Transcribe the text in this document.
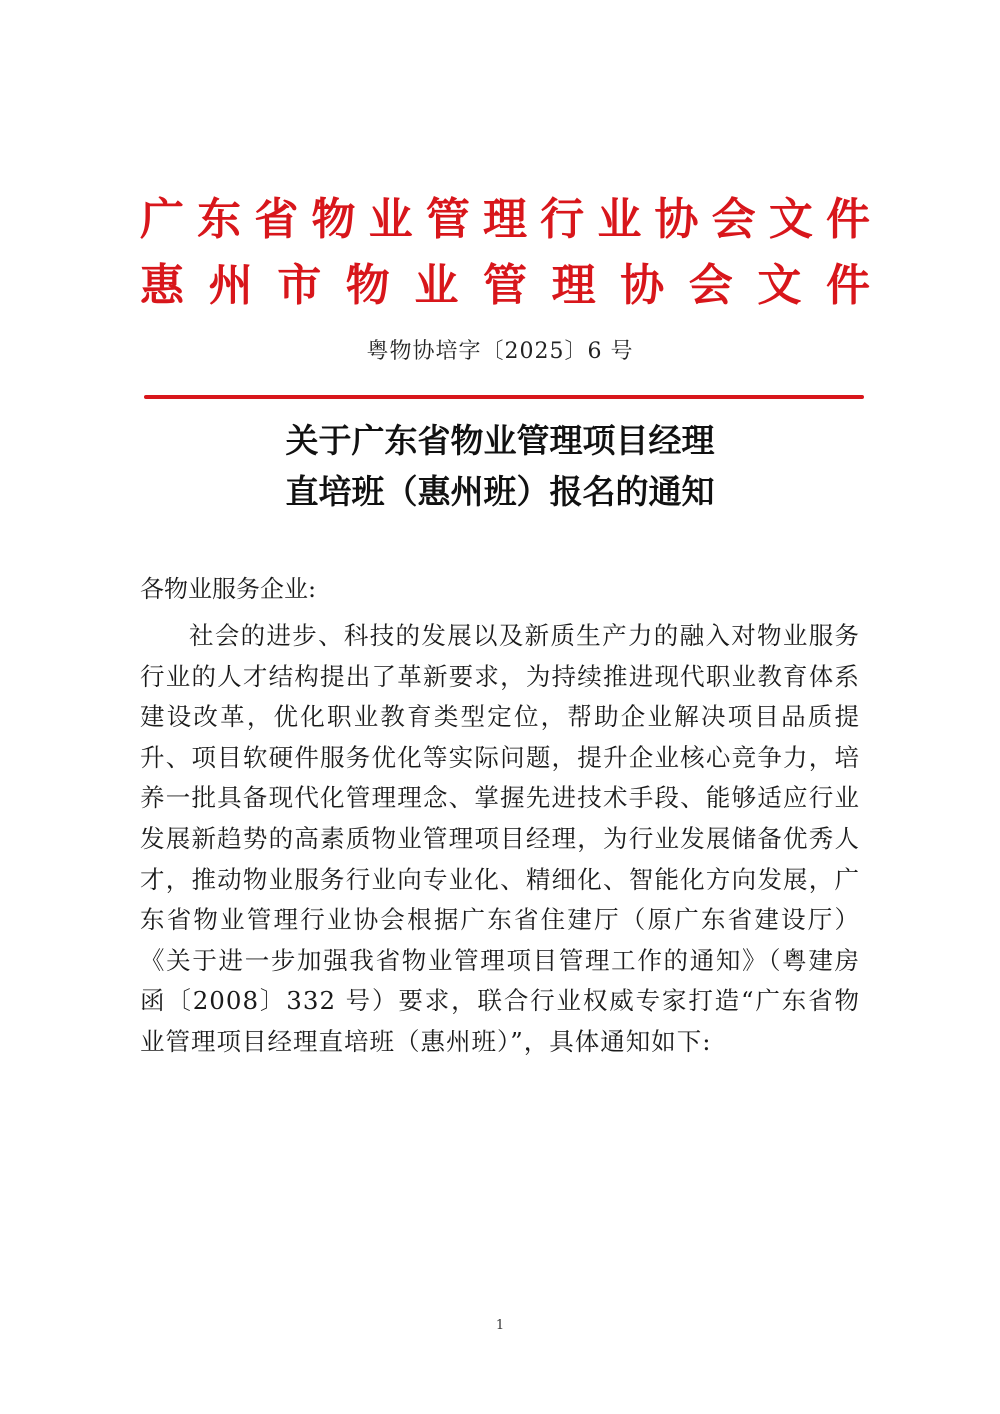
广东省物业管理行业协会文件
惠州市物业管理协会文件
粤物协培字〔2025〕6 号
关于广东省物业管理项目经理
直培班（惠州班）报名的通知
各物业服务企业:

社会的进步、科技的发展以及新质生产力的融入对物业服务行业的人才结构提出了革新要求，为持续推进现代职业教育体系建设改革，优化职业教育类型定位，帮助企业解决项目品质提升、项目软硬件服务优化等实际问题，提升企业核心竞争力，培养一批具备现代化管理理念、掌握先进技术手段、能够适应行业发展新趋势的高素质物业管理项目经理，为行业发展储备优秀人才，推动物业服务行业向专业化、精细化、智能化方向发展，广东省物业管理行业协会根据广东省住建厅（原广东省建设厅）《关于进一步加强我省物业管理项目管理工作的通知》（粤建房函〔2008〕332 号）要求，联合行业权威专家打造“广东省物业管理项目经理直培班（惠州班）”，具体通知如下:

1
